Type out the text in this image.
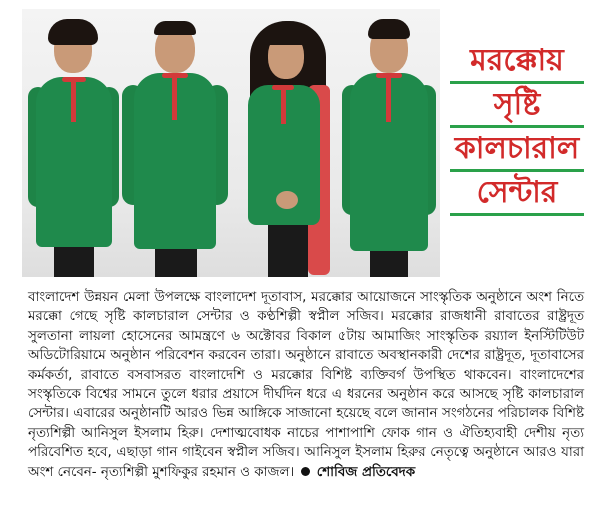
মরক্কোয়
সৃষ্টি
কালচারাল
সেন্টার
বাংলাদেশ উন্নয়ন মেলা উপলক্ষে বাংলাদেশ দূতাবাস, মরক্কোর আয়োজনে সাংস্কৃতিক অনুষ্ঠানে অংশ নিতে মরক্কো গেছে সৃষ্টি কালচারাল সেন্টার ও কণ্ঠশিল্পী স্বপ্নীল সজিব। মরক্কোর রাজধানী রাবাতের রাষ্ট্রদূত সুলতানা লায়লা হোসেনের আমন্ত্রণে ৬ অক্টোবর বিকাল ৫টায় আমাজিং সাংস্কৃতিক রয়্যাল ইনস্টিটিউট অডিটোরিয়ামে অনুষ্ঠান পরিবেশন করবেন তারা। অনুষ্ঠানে রাবাতে অবস্থানকারী দেশের রাষ্ট্রদূত, দূতাবাসের কর্মকর্তা, রাবাতে বসবাসরত বাংলাদেশি ও মরক্কোর বিশিষ্ট ব্যক্তিবর্গ উপস্থিত থাকবেন। বাংলাদেশের সংস্কৃতিকে বিশ্বের সামনে তুলে ধরার প্রয়াসে দীর্ঘদিন ধরে এ ধরনের অনুষ্ঠান করে আসছে সৃষ্টি কালচারাল সেন্টার। এবারের অনুষ্ঠানটি আরও ভিন্ন আঙ্গিকে সাজানো হয়েছে বলে জানান সংগঠনের পরিচালক বিশিষ্ট নৃত্যশিল্পী আনিসুল ইসলাম হিরু। দেশাত্মবোধক নাচের পাশাপাশি ফোক গান ও ঐতিহ্যবাহী দেশীয় নৃত্য পরিবেশিত হবে, এছাড়া গান গাইবেন স্বপ্নীল সজিব। আনিসুল ইসলাম হিরুর নেতৃত্বে অনুষ্ঠানে আরও যারা অংশ নেবেন- নৃত্যশিল্পী মুশফিকুর রহমান ও কাজল। শোবিজ প্রতিবেদক
